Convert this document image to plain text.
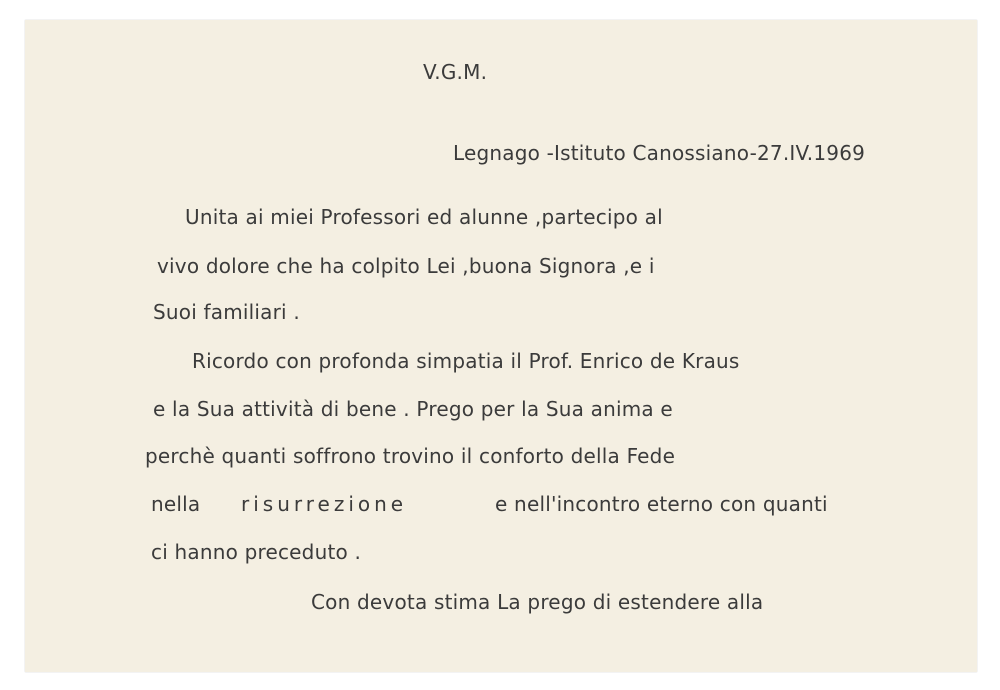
V.G.M.
Legnago -Istituto Canossiano-27.IV.1969
Unita ai miei Professori ed alunne ,partecipo al
vivo dolore che ha colpito Lei ,buona Signora ,e i
Suoi familiari .
Ricordo con profonda simpatia il Prof. Enrico de Kraus
e la Sua attività di bene . Prego per la Sua anima e
perchè quanti soffrono trovino il conforto della Fede
nella risurrezione	e nell'incontro eterno con quanti
ci hanno preceduto .
Con devota stima La prego di estendere alla
